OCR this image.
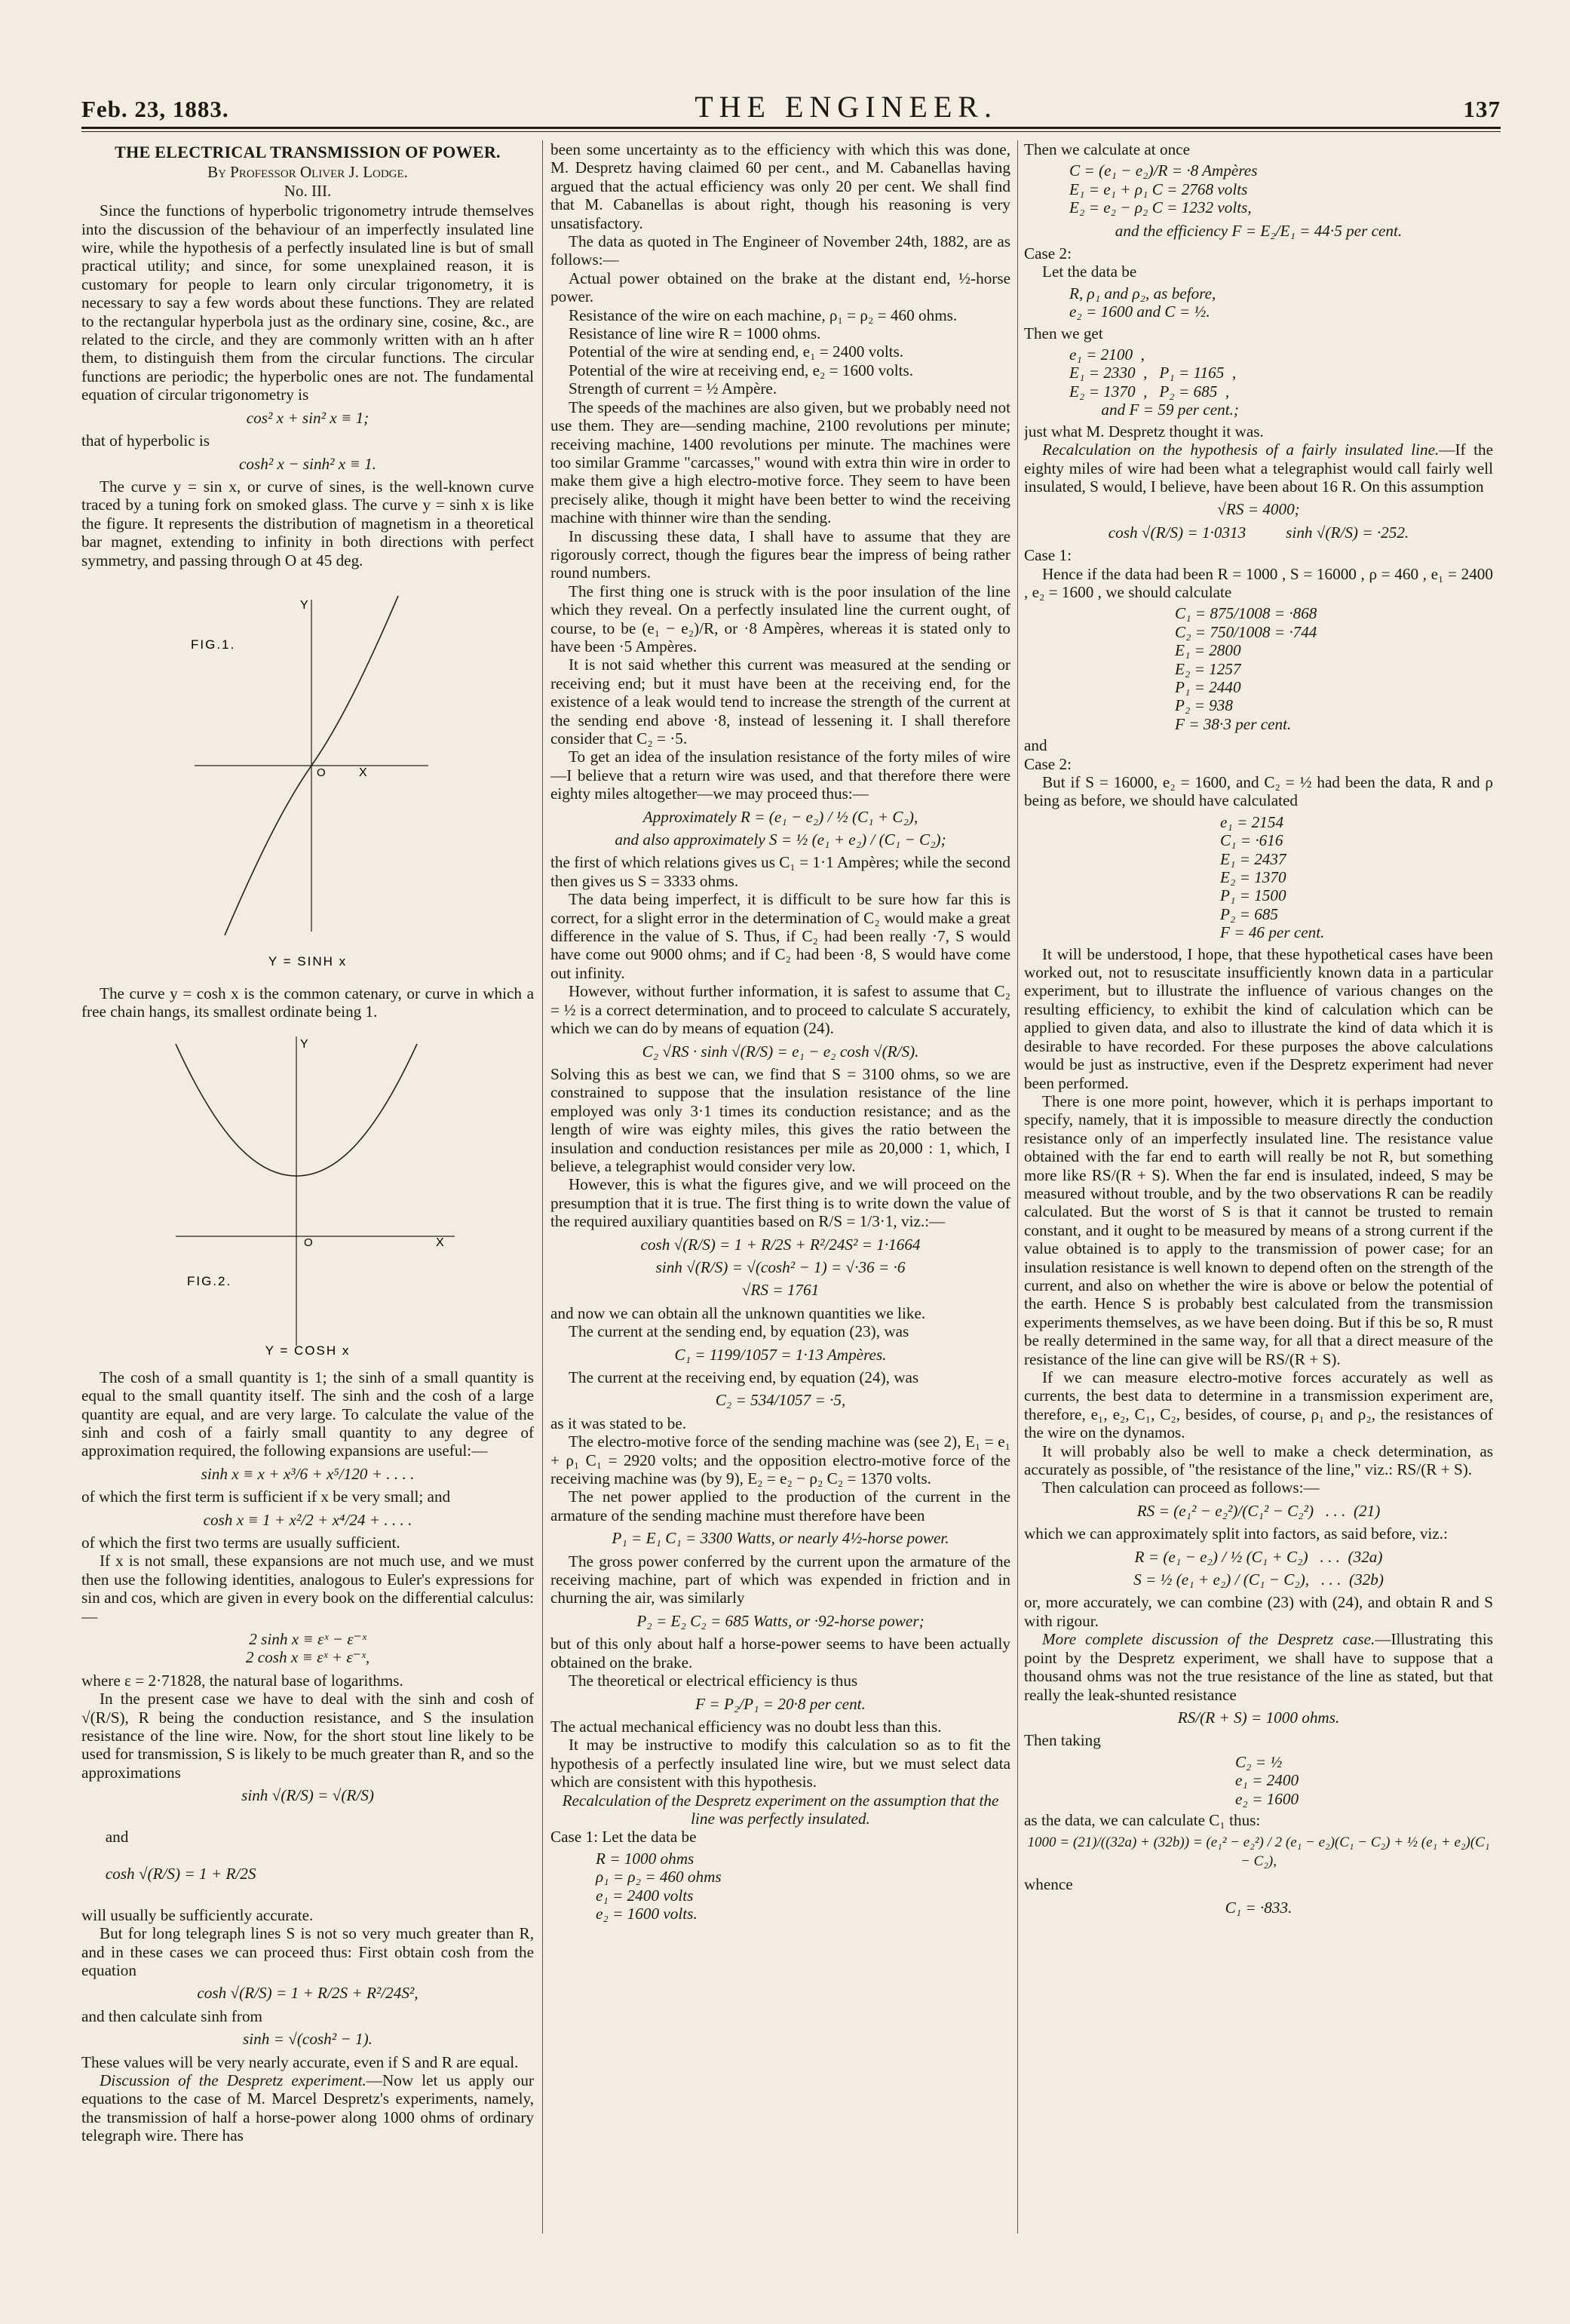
Feb. 23, 1883.	THE ENGINEER.	137
THE ELECTRICAL TRANSMISSION OF POWER.
By Professor Oliver J. Lodge.
No. III.

Since the functions of hyperbolic trigonometry intrude themselves into the discussion of the behaviour of an imperfectly insulated line wire, while the hypothesis of a perfectly insulated line is but of small practical utility; and since, for some unexplained reason, it is customary for people to learn only circular trigonometry, it is necessary to say a few words about these functions. They are related to the rectangular hyperbola just as the ordinary sine, cosine, &c., are related to the circle, and they are commonly written with an h after them, to distinguish them from the circular functions. The circular functions are periodic; the hyperbolic ones are not. The fundamental equation of circular trigonometry is

cos² x + sin² x ≡ 1;

that of hyperbolic is

cosh² x − sinh² x ≡ 1.

The curve y = sin x, or curve of sines, is the well-known curve traced by a tuning fork on smoked glass. The curve y = sinh x is like the figure. It represents the distribution of magnetism in a theoretical bar magnet, extending to infinity in both directions with perfect symmetry, and passing through O at 45 deg.

FIG.1.
Y
O	X
Y = SINH x

The curve y = cosh x is the common catenary, or curve in which a free chain hangs, its smallest ordinate being 1.

Y
O	X
FIG.2.
Y = COSH x

The cosh of a small quantity is 1; the sinh of a small quantity is equal to the small quantity itself. The sinh and the cosh of a large quantity are equal, and are very large. To calculate the value of the sinh and cosh of a fairly small quantity to any degree of approximation required, the following expansions are useful:—

sinh x ≡ x + x³/6 + x⁵/120 + . . . .

of which the first term is sufficient if x be very small; and

cosh x ≡ 1 + x²/2 + x⁴/24 + . . . .

of which the first two terms are usually sufficient.

If x is not small, these expansions are not much use, and we must then use the following identities, analogous to Euler's expressions for sin and cos, which are given in every book on the differential calculus:—

2 sinh x ≡ εˣ − ε⁻ˣ
2 cosh x ≡ εˣ + ε⁻ˣ,

where ε = 2·71828, the natural base of logarithms.

In the present case we have to deal with the sinh and cosh of √(R/S), R being the conduction resistance, and S the insulation resistance of the line wire. Now, for the short stout line likely to be used for transmission, S is likely to be much greater than R, and so the approximations

sinh √(R/S) = √(R/S)

and

cosh √(R/S) = 1 + R/2S

will usually be sufficiently accurate.

But for long telegraph lines S is not so very much greater than R, and in these cases we can proceed thus: First obtain cosh from the equation

cosh √(R/S) = 1 + R/2S + R²/24S²,

and then calculate sinh from

sinh = √(cosh² − 1).

These values will be very nearly accurate, even if S and R are equal.

Discussion of the Despretz experiment.—Now let us apply our equations to the case of M. Marcel Despretz's experiments, namely, the transmission of half a horse-power along 1000 ohms of ordinary telegraph wire. There has

been some uncertainty as to the efficiency with which this was done, M. Despretz having claimed 60 per cent., and M. Cabanellas having argued that the actual efficiency was only 20 per cent. We shall find that M. Cabanellas is about right, though his reasoning is very unsatisfactory.

The data as quoted in The Engineer of November 24th, 1882, are as follows:—

Actual power obtained on the brake at the distant end, ½-horse power.

Resistance of the wire on each machine, ρ₁ = ρ₂ = 460 ohms.

Resistance of line wire R = 1000 ohms.

Potential of the wire at sending end, e₁ = 2400 volts.

Potential of the wire at receiving end, e₂ = 1600 volts.

Strength of current = ½ Ampère.

The speeds of the machines are also given, but we probably need not use them. They are—sending machine, 2100 revolutions per minute; receiving machine, 1400 revolutions per minute. The machines were too similar Gramme "carcasses," wound with extra thin wire in order to make them give a high electro-motive force. They seem to have been precisely alike, though it might have been better to wind the receiving machine with thinner wire than the sending.

In discussing these data, I shall have to assume that they are rigorously correct, though the figures bear the impress of being rather round numbers.

The first thing one is struck with is the poor insulation of the line which they reveal. On a perfectly insulated line the current ought, of course, to be (e₁ − e₂)/R, or ·8 Ampères, whereas it is stated only to have been ·5 Ampères.

It is not said whether this current was measured at the sending or receiving end; but it must have been at the receiving end, for the existence of a leak would tend to increase the strength of the current at the sending end above ·8, instead of lessening it. I shall therefore consider that C₂ = ·5.

To get an idea of the insulation resistance of the forty miles of wire—I believe that a return wire was used, and that therefore there were eighty miles altogether—we may proceed thus:—

Approximately R = (e₁ − e₂) / ½ (C₁ + C₂),
and also approximately S = ½ (e₁ + e₂) / (C₁ − C₂);

the first of which relations gives us C₁ = 1·1 Ampères; while the second then gives us S = 3333 ohms.

The data being imperfect, it is difficult to be sure how far this is correct, for a slight error in the determination of C₂ would make a great difference in the value of S. Thus, if C₂ had been really ·7, S would have come out 9000 ohms; and if C₂ had been ·8, S would have come out infinity.

However, without further information, it is safest to assume that C₂ = ½ is a correct determination, and to proceed to calculate S accurately, which we can do by means of equation (24).

C₂ √RS · sinh √(R/S) = e₁ − e₂ cosh √(R/S).

Solving this as best we can, we find that S = 3100 ohms, so we are constrained to suppose that the insulation resistance of the line employed was only 3·1 times its conduction resistance; and as the length of wire was eighty miles, this gives the ratio between the insulation and conduction resistances per mile as 20,000 : 1, which, I believe, a telegraphist would consider very low.

However, this is what the figures give, and we will proceed on the presumption that it is true. The first thing is to write down the value of the required auxiliary quantities based on R/S = 1/3·1, viz.:—

cosh √(R/S) = 1 + R/2S + R²/24S² = 1·1664
sinh √(R/S) = √(cosh² − 1) = √·36 = ·6
√RS = 1761

and now we can obtain all the unknown quantities we like.

The current at the sending end, by equation (23), was

C₁ = 1199/1057 = 1·13 Ampères.

The current at the receiving end, by equation (24), was

C₂ = 534/1057 = ·5,

as it was stated to be.

The electro-motive force of the sending machine was (see 2), E₁ = e₁ + ρ₁ C₁ = 2920 volts; and the opposition electro-motive force of the receiving machine was (by 9), E₂ = e₂ − ρ₂ C₂ = 1370 volts.

The net power applied to the production of the current in the armature of the sending machine must therefore have been

P₁ = E₁ C₁ = 3300 Watts, or nearly 4½-horse power.

The gross power conferred by the current upon the armature of the receiving machine, part of which was expended in friction and in churning the air, was similarly

P₂ = E₂ C₂ = 685 Watts, or ·92-horse power;

but of this only about half a horse-power seems to have been actually obtained on the brake.

The theoretical or electrical efficiency is thus

F = P₂/P₁ = 20·8 per cent.

The actual mechanical efficiency was no doubt less than this.

It may be instructive to modify this calculation so as to fit the hypothesis of a perfectly insulated line wire, but we must select data which are consistent with this hypothesis.

Recalculation of the Despretz experiment on the assumption that the line was perfectly insulated.

Case 1: Let the data be

R = 1000 ohms
ρ₁ = ρ₂ = 460 ohms
e₁ = 2400 volts
e₂ = 1600 volts.

Then we calculate at once

C = (e₁ − e₂)/R = ·8 Ampères
E₁ = e₁ + ρ₁ C = 2768 volts
E₂ = e₂ − ρ₂ C = 1232 volts,
and the efficiency F = E₂/E₁ = 44·5 per cent.

Case 2:

Let the data be

R, ρ₁ and ρ₂, as before,
e₂ = 1600 and C = ½.

Then we get

e₁ = 2100  ,
E₁ = 2330  ,   P₁ = 1165  ,
E₂ = 1370  ,   P₂ = 685  ,
and F = 59 per cent.;

just what M. Despretz thought it was.

Recalculation on the hypothesis of a fairly insulated line.—If the eighty miles of wire had been what a telegraphist would call fairly well insulated, S would, I believe, have been about 16 R. On this assumption

√RS = 4000;
cosh √(R/S) = 1·0313          sinh √(R/S) = ·252.

Case 1:

Hence if the data had been R = 1000 , S = 16000 , ρ = 460 , e₁ = 2400 , e₂ = 1600 , we should calculate

C₁ = 875/1008 = ·868
C₂ = 750/1008 = ·744
E₁ = 2800
E₂ = 1257
P₁ = 2440
P₂ = 938
F = 38·3 per cent.

and

Case 2:

But if S = 16000, e₂ = 1600, and C₂ = ½ had been the data, R and ρ being as before, we should have calculated

e₁ = 2154
C₁ = ·616
E₁ = 2437
E₂ = 1370
P₁ = 1500
P₂ = 685
F = 46 per cent.

It will be understood, I hope, that these hypothetical cases have been worked out, not to resuscitate insufficiently known data in a particular experiment, but to illustrate the influence of various changes on the resulting efficiency, to exhibit the kind of calculation which can be applied to given data, and also to illustrate the kind of data which it is desirable to have recorded. For these purposes the above calculations would be just as instructive, even if the Despretz experiment had never been performed.

There is one more point, however, which it is perhaps important to specify, namely, that it is impossible to measure directly the conduction resistance only of an imperfectly insulated line. The resistance value obtained with the far end to earth will really be not R, but something more like RS/(R + S). When the far end is insulated, indeed, S may be measured without trouble, and by the two observations R can be readily calculated. But the worst of S is that it cannot be trusted to remain constant, and it ought to be measured by means of a strong current if the value obtained is to apply to the transmission of power case; for an insulation resistance is well known to depend often on the strength of the current, and also on whether the wire is above or below the potential of the earth. Hence S is probably best calculated from the transmission experiments themselves, as we have been doing. But if this be so, R must be really determined in the same way, for all that a direct measure of the resistance of the line can give will be RS/(R + S).

If we can measure electro-motive forces accurately as well as currents, the best data to determine in a transmission experiment are, therefore, e₁, e₂, C₁, C₂, besides, of course, ρ₁ and ρ₂, the resistances of the wire on the dynamos.

It will probably also be well to make a check determination, as accurately as possible, of "the resistance of the line," viz.: RS/(R + S).

Then calculation can proceed as follows:—

RS = (e₁² − e₂²)/(C₁² − C₂²)   . . .  (21)

which we can approximately split into factors, as said before, viz.:

R = (e₁ − e₂) / ½ (C₁ + C₂)   . . .  (32a)
S = ½ (e₁ + e₂) / (C₁ − C₂),   . . .  (32b)

or, more accurately, we can combine (23) with (24), and obtain R and S with rigour.

More complete discussion of the Despretz case.—Illustrating this point by the Despretz experiment, we shall have to suppose that a thousand ohms was not the true resistance of the line as stated, but that really the leak-shunted resistance

RS/(R + S) = 1000 ohms.

Then taking

C₂ = ½
e₁ = 2400
e₂ = 1600

as the data, we can calculate C₁ thus:

1000 = (21)/((32a) + (32b)) = (e₁² − e₂²) / 2 (e₁ − e₂)(C₁ − C₂) + ½ (e₁ + e₂)(C₁ − C₂),

whence

C₁ = ·833.
